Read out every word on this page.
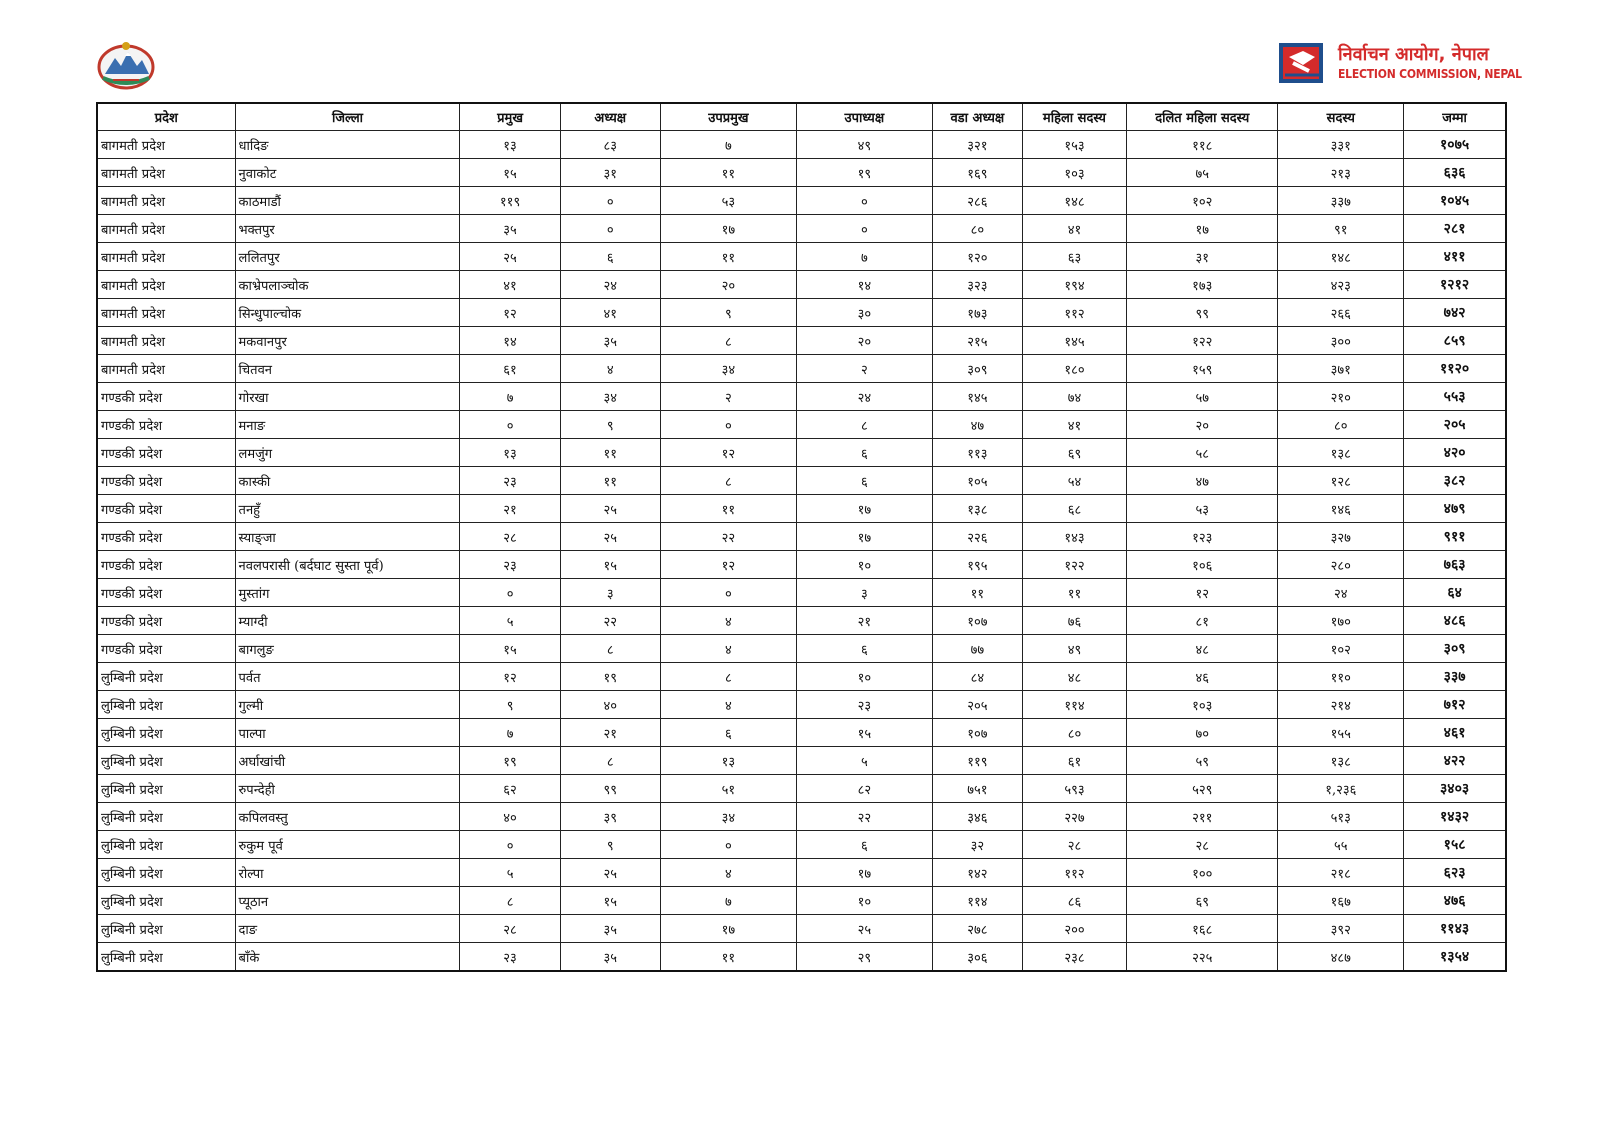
निर्वाचन आयोग, नेपाल
ELECTION COMMISSION, NEPAL
प्रदेश	जिल्ला	प्रमुख	अध्यक्ष	उपप्रमुख	उपाध्यक्ष	वडा अध्यक्ष	महिला सदस्य	दलित महिला सदस्य	सदस्य	जम्मा
बागमती प्रदेश	धादिङ	१३	८३	७	४९	३२१	१५३	११८	३३१	१०७५
बागमती प्रदेश	नुवाकोट	१५	३१	११	१९	१६९	१०३	७५	२१३	६३६
बागमती प्रदेश	काठमाडौं	११९	०	५३	०	२८६	१४८	१०२	३३७	१०४५
बागमती प्रदेश	भक्तपुर	३५	०	१७	०	८०	४१	१७	९१	२८१
बागमती प्रदेश	ललितपुर	२५	६	११	७	१२०	६३	३१	१४८	४११
बागमती प्रदेश	काभ्रेपलाञ्चोक	४१	२४	२०	१४	३२३	१९४	१७३	४२३	१२१२
बागमती प्रदेश	सिन्धुपाल्चोक	१२	४१	९	३०	१७३	११२	९९	२६६	७४२
बागमती प्रदेश	मकवानपुर	१४	३५	८	२०	२१५	१४५	१२२	३००	८५९
बागमती प्रदेश	चितवन	६१	४	३४	२	३०९	१८०	१५९	३७१	११२०
गण्डकी प्रदेश	गोरखा	७	३४	२	२४	१४५	७४	५७	२१०	५५३
गण्डकी प्रदेश	मनाङ	०	९	०	८	४७	४१	२०	८०	२०५
गण्डकी प्रदेश	लमजुंग	१३	११	१२	६	११३	६९	५८	१३८	४२०
गण्डकी प्रदेश	कास्की	२३	११	८	६	१०५	५४	४७	१२८	३८२
गण्डकी प्रदेश	तनहुँ	२१	२५	११	१७	१३८	६८	५३	१४६	४७९
गण्डकी प्रदेश	स्याङ्जा	२८	२५	२२	१७	२२६	१४३	१२३	३२७	९११
गण्डकी प्रदेश	नवलपरासी (बर्दघाट सुस्ता पूर्व)	२३	१५	१२	१०	१९५	१२२	१०६	२८०	७६३
गण्डकी प्रदेश	मुस्तांग	०	३	०	३	११	११	१२	२४	६४
गण्डकी प्रदेश	म्याग्दी	५	२२	४	२१	१०७	७६	८१	१७०	४८६
गण्डकी प्रदेश	बागलुङ	१५	८	४	६	७७	४९	४८	१०२	३०९
लुम्बिनी प्रदेश	पर्वत	१२	१९	८	१०	८४	४८	४६	११०	३३७
लुम्बिनी प्रदेश	गुल्मी	९	४०	४	२३	२०५	११४	१०३	२१४	७१२
लुम्बिनी प्रदेश	पाल्पा	७	२१	६	१५	१०७	८०	७०	१५५	४६१
लुम्बिनी प्रदेश	अर्घाखांची	१९	८	१३	५	११९	६१	५९	१३८	४२२
लुम्बिनी प्रदेश	रुपन्देही	६२	९९	५१	८२	७५१	५९३	५२९	१,२३६	३४०३
लुम्बिनी प्रदेश	कपिलवस्तु	४०	३९	३४	२२	३४६	२२७	२११	५१३	१४३२
लुम्बिनी प्रदेश	रुकुम पूर्व	०	९	०	६	३२	२८	२८	५५	१५८
लुम्बिनी प्रदेश	रोल्पा	५	२५	४	१७	१४२	११२	१००	२१८	६२३
लुम्बिनी प्रदेश	प्यूठान	८	१५	७	१०	११४	८६	६९	१६७	४७६
लुम्बिनी प्रदेश	दाङ	२८	३५	१७	२५	२७८	२००	१६८	३९२	११४३
लुम्बिनी प्रदेश	बाँके	२३	३५	११	२९	३०६	२३८	२२५	४८७	१३५४
